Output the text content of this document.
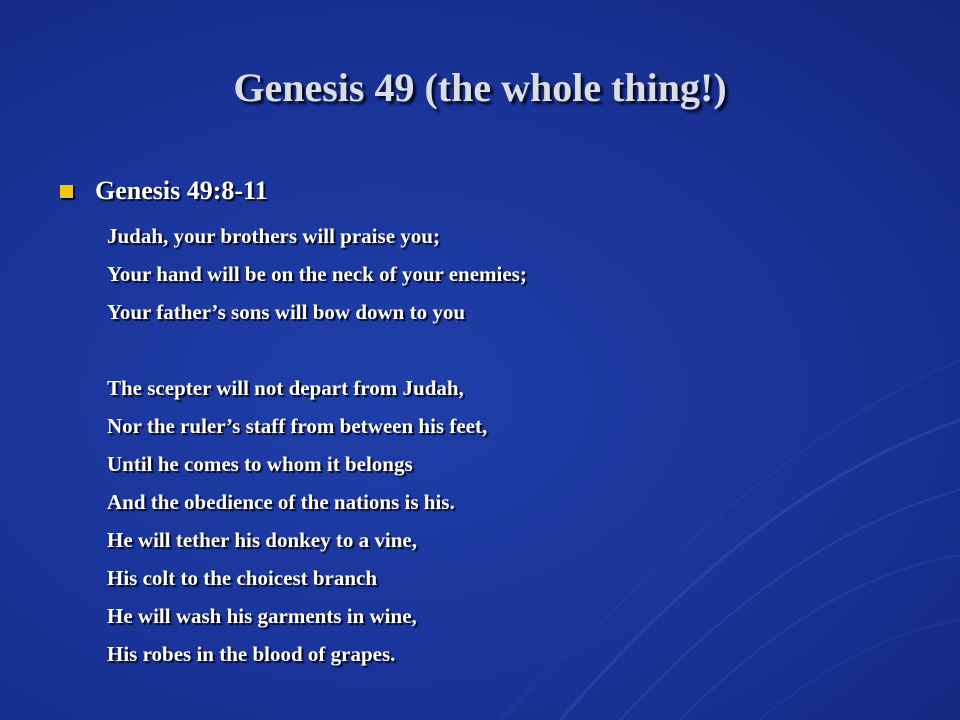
Genesis 49 (the whole thing!)
Genesis 49:8-11
Judah, your brothers will praise you;
Your hand will be on the neck of your enemies;
Your father’s sons will bow down to you
The scepter will not depart from Judah,
Nor the ruler’s staff from between his feet,
Until he comes to whom it belongs
And the obedience of the nations is his.
He will tether his donkey to a vine,
His colt to the choicest branch
He will wash his garments in wine,
His robes in the blood of grapes.
